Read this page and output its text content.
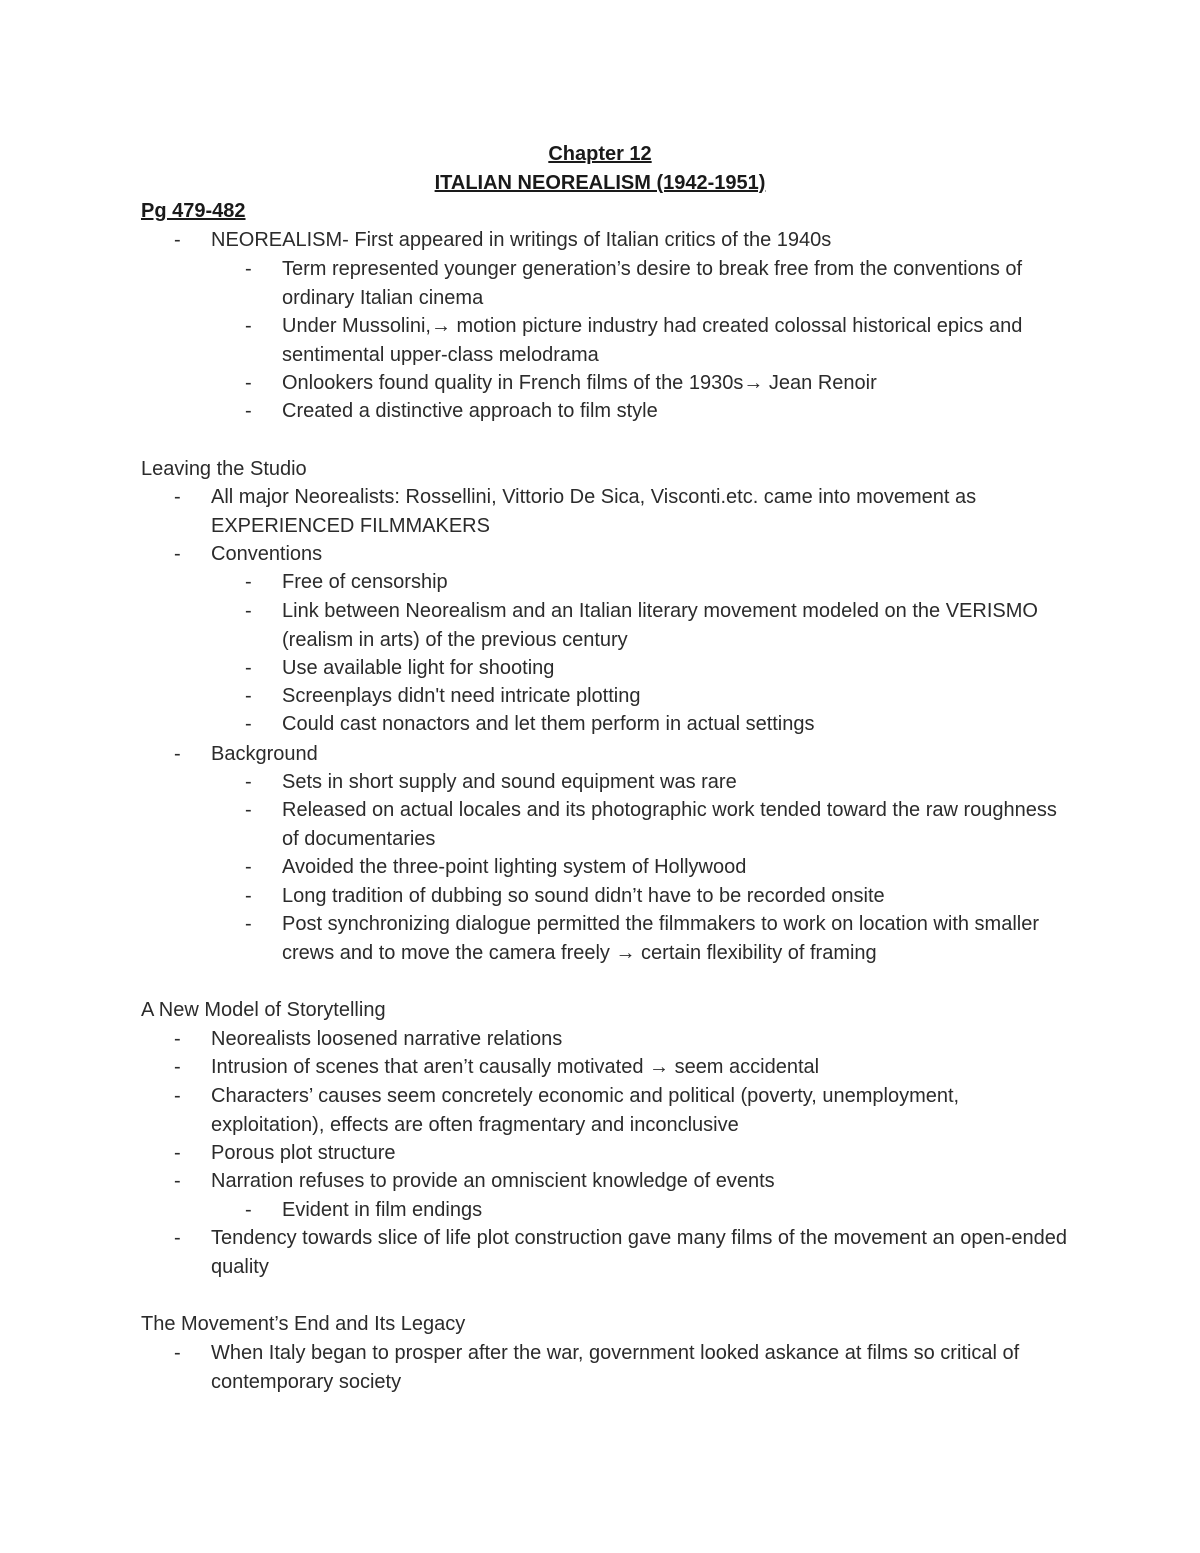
Chapter 12
ITALIAN NEOREALISM (1942-1951)
Pg 479-482
- NEOREALISM- First appeared in writings of Italian critics of the 1940s
- Term represented younger generation’s desire to break free from the conventions of ordinary Italian cinema
- Under Mussolini,→ motion picture industry had created colossal historical epics and sentimental upper-class melodrama
- Onlookers found quality in French films of the 1930s→ Jean Renoir
- Created a distinctive approach to film style
Leaving the Studio
- All major Neorealists: Rossellini, Vittorio De Sica, Visconti.etc. came into movement as EXPERIENCED FILMMAKERS
- Conventions
- Free of censorship
- Link between Neorealism and an Italian literary movement modeled on the VERISMO (realism in arts) of the previous century
- Use available light for shooting
- Screenplays didn't need intricate plotting
- Could cast nonactors and let them perform in actual settings
- Background
- Sets in short supply and sound equipment was rare
- Released on actual locales and its photographic work tended toward the raw roughness of documentaries
- Avoided the three-point lighting system of Hollywood
- Long tradition of dubbing so sound didn’t have to be recorded onsite
- Post synchronizing dialogue permitted the filmmakers to work on location with smaller crews and to move the camera freely → certain flexibility of framing
A New Model of Storytelling
- Neorealists loosened narrative relations
- Intrusion of scenes that aren’t causally motivated → seem accidental
- Characters’ causes seem concretely economic and political (poverty, unemployment, exploitation), effects are often fragmentary and inconclusive
- Porous plot structure
- Narration refuses to provide an omniscient knowledge of events
- Evident in film endings
- Tendency towards slice of life plot construction gave many films of the movement an open-ended quality
The Movement’s End and Its Legacy
- When Italy began to prosper after the war, government looked askance at films so critical of contemporary society
